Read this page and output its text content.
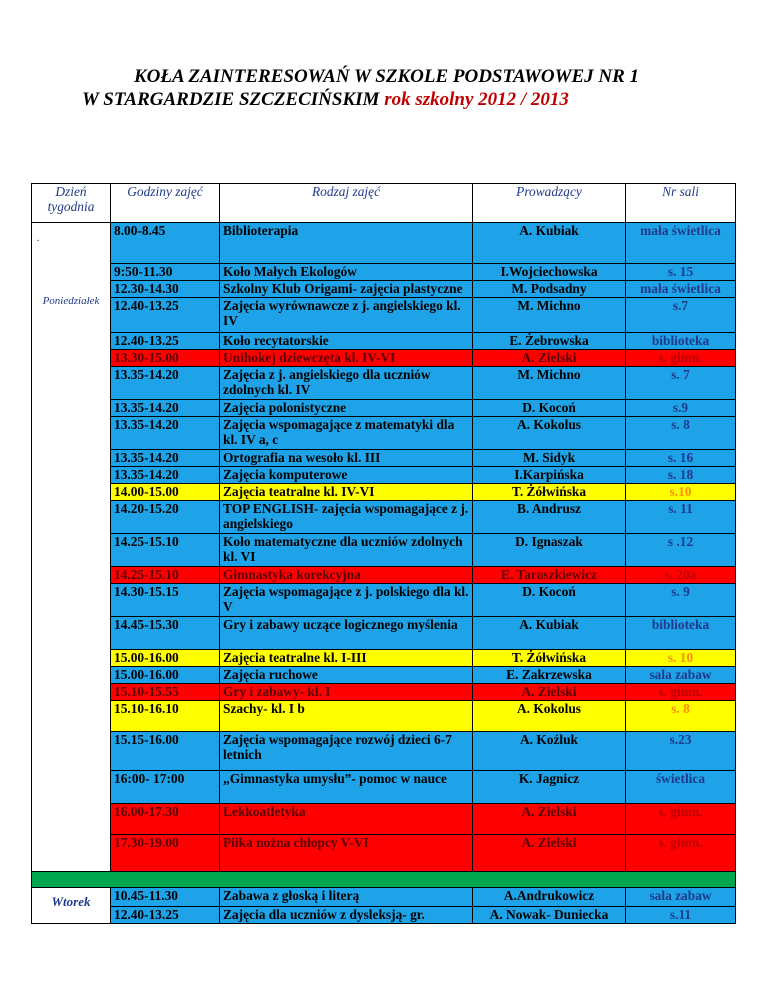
KOŁA ZAINTERESOWAŃ W SZKOLE PODSTAWOWEJ NR 1
W STARGARDZIE SZCZECIŃSKIM rok szkolny 2012 / 2013
Dzień tygodnia	Godziny zajęć	Rodzaj zajęć	Prowadzący	Nr sali

.
Poniedziałek	8.00-8.45	Biblioterapia	A. Kubiak	mała świetlica
	9:50-11.30	Koło Małych Ekologów	I.Wojciechowska	s. 15
	12.30-14.30	Szkolny Klub Origami- zajęcia plastyczne	M. Podsadny	mała świetlica
	12.40-13.25	Zajęcia wyrównawcze z j. angielskiego kl. IV	M. Michno	s.7
	12.40-13.25	Koło recytatorskie	E. Żebrowska	biblioteka
	13.30-15.00	Unihokej dziewczęta kl. IV-VI	A. Zielski	s. gimn.
	13.35-14.20	Zajęcia z j. angielskiego dla uczniów zdolnych kl. IV	M. Michno	s. 7
	13.35-14.20	Zajęcia polonistyczne	D. Kocoń	s.9
	13.35-14.20	Zajęcia wspomagające z matematyki dla kl. IV a, c	A. Kokolus	s. 8
	13.35-14.20	Ortografia na wesoło kl. III	M. Sidyk	s. 16
	13.35-14.20	Zajęcia komputerowe	I.Karpińska	s. 18
	14.00-15.00	Zajęcia teatralne kl. IV-VI	T. Żółwińska	s.10
	14.20-15.20	TOP ENGLISH- zajęcia wspomagające z j. angielskiego	B. Andrusz	s. 11
	14.25-15.10	Koło matematyczne dla uczniów zdolnych kl. VI	D. Ignaszak	s .12
	14.25-15.10	Gimnastyka korekcyjna	E. Taraszkiewicz	s. 20a
	14.30-15.15	Zajęcia wspomagające z j. polskiego dla kl. V	D. Kocoń	s. 9
	14.45-15.30	Gry i zabawy uczące logicznego myślenia	A. Kubiak	biblioteka
	15.00-16.00	Zajęcia teatralne kl. I-III	T. Żółwińska	s. 10
	15.00-16.00	Zajęcia ruchowe	E. Zakrzewska	sala zabaw
	15.10-15.55	Gry i zabawy- kl. I	A. Zielski	s. gimn.
	15.10-16.10	Szachy- kl. I b	A. Kokolus	s. 8
	15.15-16.00	Zajęcia wspomagające rozwój dzieci 6-7 letnich	A. Koźluk	s.23
	16:00- 17:00	„Gimnastyka umysłu”- pomoc w nauce	K. Jagnicz	świetlica
	16.00-17.30	Lekkoatletyka	A. Zielski	s. gimn.
	17.30-19.00	Piłka nożna chłopcy V-VI	A. Zielski	s. gimn.

Wtorek	10.45-11.30	Zabawa z głoską i literą	A.Andrukowicz	sala zabaw
	12.40-13.25	Zajęcia dla uczniów z dysleksją- gr.	A. Nowak- Duniecka	s.11
